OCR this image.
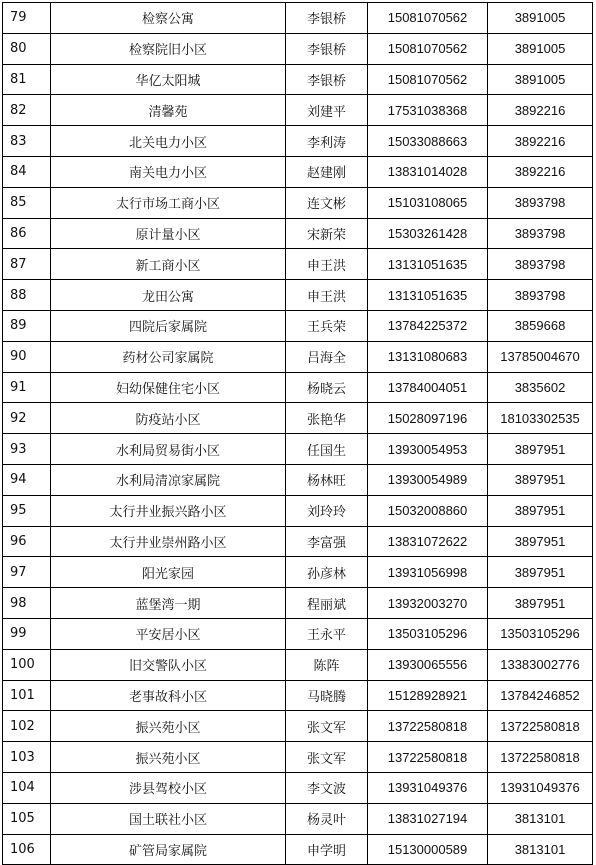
79	检察公寓	李银桥	15081070562	3891005
80	检察院旧小区	李银桥	15081070562	3891005
81	华亿太阳城	李银桥	15081070562	3891005
82	清馨苑	刘建平	17531038368	3892216
83	北关电力小区	李利涛	15033088663	3892216
84	南关电力小区	赵建刚	13831014028	3892216
85	太行市场工商小区	连文彬	15103108065	3893798
86	原计量小区	宋新荣	15303261428	3893798
87	新工商小区	申王洪	13131051635	3893798
88	龙田公寓	申王洪	13131051635	3893798
89	四院后家属院	王兵荣	13784225372	3859668
90	药材公司家属院	吕海全	13131080683	13785004670
91	妇幼保健住宅小区	杨晓云	13784004051	3835602
92	防疫站小区	张艳华	15028097196	18103302535
93	水利局贸易街小区	任国生	13930054953	3897951
94	水利局清凉家属院	杨林旺	13930054989	3897951
95	太行井业振兴路小区	刘玲玲	15032008860	3897951
96	太行井业崇州路小区	李富强	13831072622	3897951
97	阳光家园	孙彦林	13931056998	3897951
98	蓝堡湾一期	程丽斌	13932003270	3897951
99	平安居小区	王永平	13503105296	13503105296
100	旧交警队小区	陈阵	13930065556	13383002776
101	老事故科小区	马晓腾	15128928921	13784246852
102	振兴苑小区	张文军	13722580818	13722580818
103	振兴苑小区	张文军	13722580818	13722580818
104	涉县驾校小区	李文波	13931049376	13931049376
105	国土联社小区	杨灵叶	13831027194	3813101
106	矿管局家属院	申学明	15130000589	3813101
